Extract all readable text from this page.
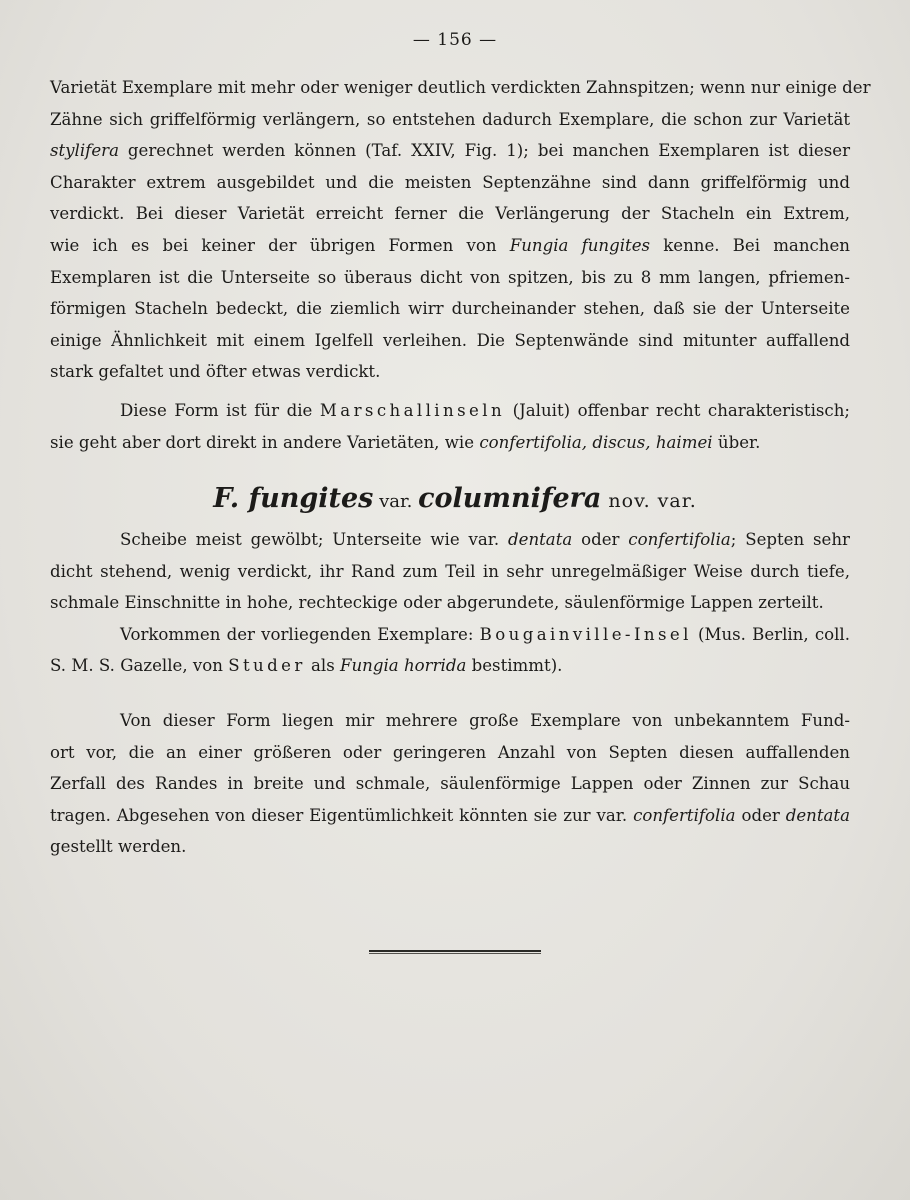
— 156 —
Varietät Exemplare mit mehr oder weniger deutlich verdickten Zahnspitzen; wenn nur einige der
Zähne sich griffelförmig verlängern, so entstehen dadurch Exemplare, die schon zur Varietät
stylifera gerechnet werden können (Taf. XXIV, Fig. 1); bei manchen Exemplaren ist dieser
Charakter extrem ausgebildet und die meisten Septenzähne sind dann griffelförmig und
verdickt. Bei dieser Varietät erreicht ferner die Verlängerung der Stacheln ein Extrem,
wie ich es bei keiner der übrigen Formen von Fungia fungites kenne. Bei manchen
Exemplaren ist die Unterseite so überaus dicht von spitzen, bis zu 8 mm langen, pfriemen-
förmigen Stacheln bedeckt, die ziemlich wirr durcheinander stehen, daß sie der Unterseite
einige Ähnlichkeit mit einem Igelfell verleihen. Die Septenwände sind mitunter auffallend
stark gefaltet und öfter etwas verdickt.
Diese Form ist für die Marschallinseln (Jaluit) offenbar recht charakteristisch;
sie geht aber dort direkt in andere Varietäten, wie confertifolia, discus, haimei über.
F. fungites var. columnifera nov. var.
Scheibe meist gewölbt; Unterseite wie var. dentata oder confertifolia; Septen sehr
dicht stehend, wenig verdickt, ihr Rand zum Teil in sehr unregelmäßiger Weise durch tiefe,
schmale Einschnitte in hohe, rechteckige oder abgerundete, säulenförmige Lappen zerteilt.
Vorkommen der vorliegenden Exemplare: Bougainville-Insel (Mus. Berlin, coll.
S. M. S. Gazelle, von Studer als Fungia horrida bestimmt).
Von dieser Form liegen mir mehrere große Exemplare von unbekanntem Fund-
ort vor, die an einer größeren oder geringeren Anzahl von Septen diesen auffallenden
Zerfall des Randes in breite und schmale, säulenförmige Lappen oder Zinnen zur Schau
tragen. Abgesehen von dieser Eigentümlichkeit könnten sie zur var. confertifolia oder dentata
gestellt werden.
